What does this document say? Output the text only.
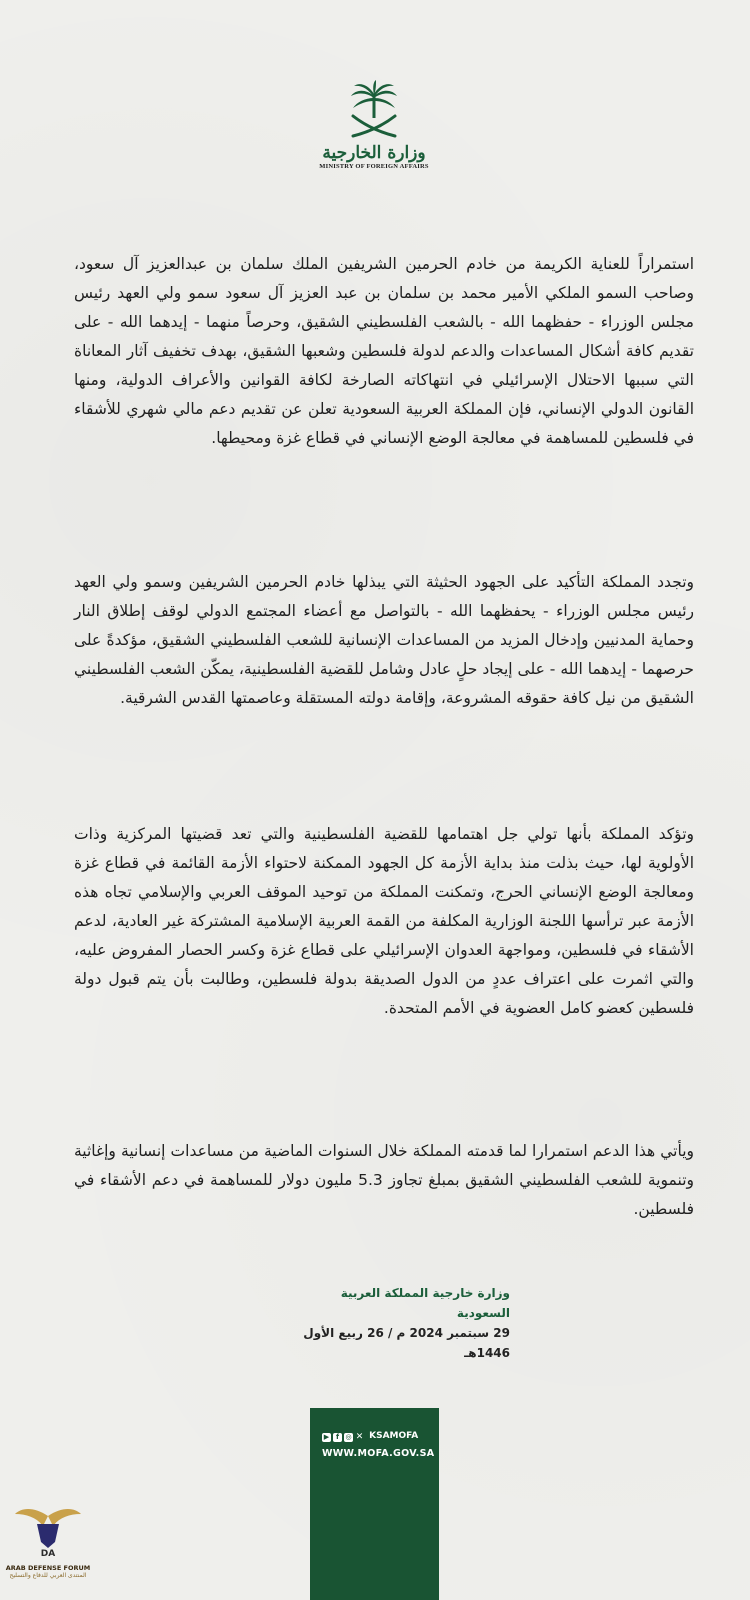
وزارة الخارجية
MINISTRY OF FOREIGN AFFAIRS

استمراراً للعناية الكريمة من خادم الحرمين الشريفين الملك سلمان بن عبدالعزيز آل سعود، وصاحب السمو الملكي الأمير محمد بن سلمان بن عبد العزيز آل سعود سمو ولي العهد رئيس مجلس الوزراء - حفظهما الله - بالشعب الفلسطيني الشقيق، وحرصاً منهما - إيدهما الله - على تقديم كافة أشكال المساعدات والدعم لدولة فلسطين وشعبها الشقيق، بهدف تخفيف آثار المعاناة التي سببها الاحتلال الإسرائيلي في انتهاكاته الصارخة لكافة القوانين والأعراف الدولية، ومنها القانون الدولي الإنساني، فإن المملكة العربية السعودية تعلن عن تقديم دعم مالي شهري للأشقاء في فلسطين للمساهمة في معالجة الوضع الإنساني في قطاع غزة ومحيطها.

وتجدد المملكة التأكيد على الجهود الحثيثة التي يبذلها خادم الحرمين الشريفين وسمو ولي العهد رئيس مجلس الوزراء - يحفظهما الله - بالتواصل مع أعضاء المجتمع الدولي لوقف إطلاق النار وحماية المدنيين وإدخال المزيد من المساعدات الإنسانية للشعب الفلسطيني الشقيق، مؤكدةً على حرصهما - إيدهما الله - على إيجاد حلٍ عادل وشامل للقضية الفلسطينية، يمكّن الشعب الفلسطيني الشقيق من نيل كافة حقوقه المشروعة، وإقامة دولته المستقلة وعاصمتها القدس الشرقية.

وتؤكد المملكة بأنها تولي جل اهتمامها للقضية الفلسطينية والتي تعد قضيتها المركزية وذات الأولوية لها، حيث بذلت منذ بداية الأزمة كل الجهود الممكنة لاحتواء الأزمة القائمة في قطاع غزة ومعالجة الوضع الإنساني الحرج، وتمكنت المملكة من توحيد الموقف العربي والإسلامي تجاه هذه الأزمة عبر ترأسها اللجنة الوزارية المكلفة من القمة العربية الإسلامية المشتركة غير العادية، لدعم الأشقاء في فلسطين، ومواجهة العدوان الإسرائيلي على قطاع غزة وكسر الحصار المفروض عليه، والتي اثمرت على اعتراف عددٍ من الدول الصديقة بدولة فلسطين، وطالبت بأن يتم قبول دولة فلسطين كعضو كامل العضوية في الأمم المتحدة.

ويأتي هذا الدعم استمرارا لما قدمته المملكة خلال السنوات الماضية من مساعدات إنسانية وإغاثية وتنموية للشعب الفلسطيني الشقيق بمبلغ تجاوز 5.3 مليون دولار للمساهمة في دعم الأشقاء في فلسطين.

وزارة خارجية المملكة العربية السعودية
29 سبتمبر 2024 م / 26 ربيع الأول 1446هـ
▶ f ◎ ✕ KSAMOFA
WWW.MOFA.GOV.SA
DA
ARAB DEFENSE FORUM
المنتدى العربي للدفاع والتسليح
